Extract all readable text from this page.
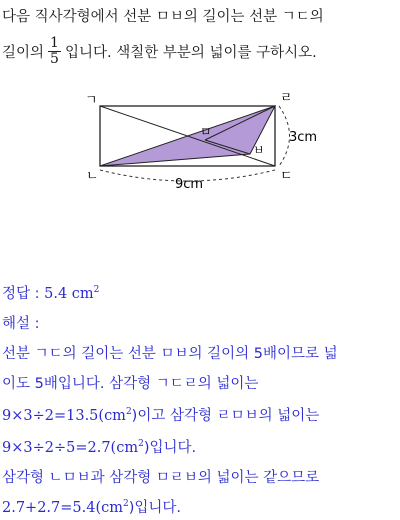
다음 직사각형에서 선분 ㅁㅂ의 길이는 선분 ㄱㄷ의
길이의 $\frac{1}{5}$ 입니다. 색칠한 부분의 넓이를 구하시오.
ㄱ	ㄹ
ㄴ	ㄷ
ㅁ
ㅂ
3cm
9cm
정답 : 5.4 $cm^2$
해설 :
선분 ㄱㄷ의 길이는 선분 ㅁㅂ의 길이의 5배이므로 넓
이도 5배입니다. 삼각형 ㄱㄷㄹ의 넓이는
$9\times 3\div 2=13.5(cm^2)$이고 삼각형 ㄹㅁㅂ의 넓이는
$9\times 3\div 2\div 5=2.7(cm^2)$입니다.
삼각형 ㄴㅁㅂ과 삼각형 ㅁㄹㅂ의 넓이는 같으므로
$2.7+2.7=5.4(cm^2)$입니다.
